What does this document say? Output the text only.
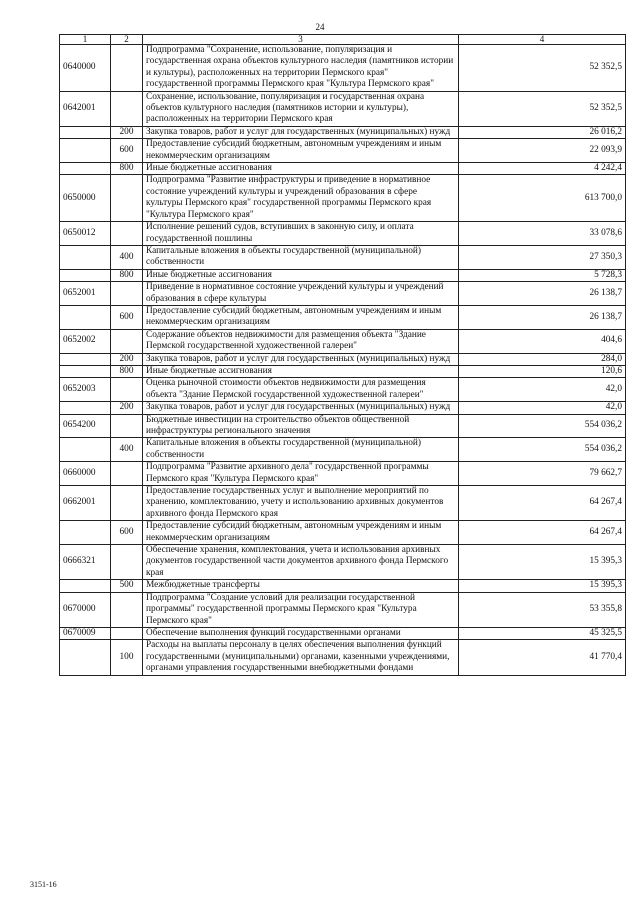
24
1	2	3	4
0640000		Подпрограмма "Сохранение, использование, популяризация и государственная охрана объектов культурного наследия (памятников истории и культуры), расположенных на территории Пермского края" государственной программы Пермского края "Культура Пермского края"	52 352,5
0642001		Сохранение, использование, популяризация и государственная охрана объектов культурного наследия (памятников истории и культуры), расположенных на территории Пермского края	52 352,5
	200	Закупка товаров, работ и услуг для государственных (муниципальных) нужд	26 016,2
	600	Предоставление субсидий бюджетным, автономным учреждениям и иным некоммерческим организациям	22 093,9
	800	Иные бюджетные ассигнования	4 242,4
0650000		Подпрограмма "Развитие инфраструктуры и приведение в нормативное состояние учреждений культуры и учреждений образования в сфере культуры Пермского края" государственной программы Пермского края "Культура Пермского края"	613 700,0
0650012		Исполнение решений судов, вступивших в законную силу, и оплата государственной пошлины	33 078,6
	400	Капитальные вложения в объекты государственной (муниципальной) собственности	27 350,3
	800	Иные бюджетные ассигнования	5 728,3
0652001		Приведение в нормативное состояние учреждений культуры и учреждений образования в сфере культуры	26 138,7
	600	Предоставление субсидий бюджетным, автономным учреждениям и иным некоммерческим организациям	26 138,7
0652002		Содержание объектов недвижимости для размещения объекта "Здание Пермской государственной художественной галереи"	404,6
	200	Закупка товаров, работ и услуг для государственных (муниципальных) нужд	284,0
	800	Иные бюджетные ассигнования	120,6
0652003		Оценка рыночной стоимости объектов недвижимости для размещения объекта "Здание Пермской государственной художественной галереи"	42,0
	200	Закупка товаров, работ и услуг для государственных (муниципальных) нужд	42,0
0654200		Бюджетные инвестиции на строительство объектов общественной инфраструктуры регионального значения	554 036,2
	400	Капитальные вложения в объекты государственной (муниципальной) собственности	554 036,2
0660000		Подпрограмма "Развитие архивного дела" государственной программы Пермского края "Культура Пермского края"	79 662,7
0662001		Предоставление государственных услуг и выполнение мероприятий по хранению, комплектованию, учету и использованию архивных документов архивного фонда Пермского края	64 267,4
	600	Предоставление субсидий бюджетным, автономным учреждениям и иным некоммерческим организациям	64 267,4
0666321		Обеспечение хранения, комплектования, учета и использования архивных документов государственной части документов архивного фонда Пермского края	15 395,3
	500	Межбюджетные трансферты	15 395,3
0670000		Подпрограмма "Создание условий для реализации государственной программы" государственной программы Пермского края "Культура Пермского края"	53 355,8
0670009		Обеспечение выполнения функций государственными органами	45 325,5
	100	Расходы на выплаты персоналу в целях обеспечения выполнения функций государственными (муниципальными) органами, казенными учреждениями, органами управления государственными внебюджетными фондами	41 770,4
3151-16
